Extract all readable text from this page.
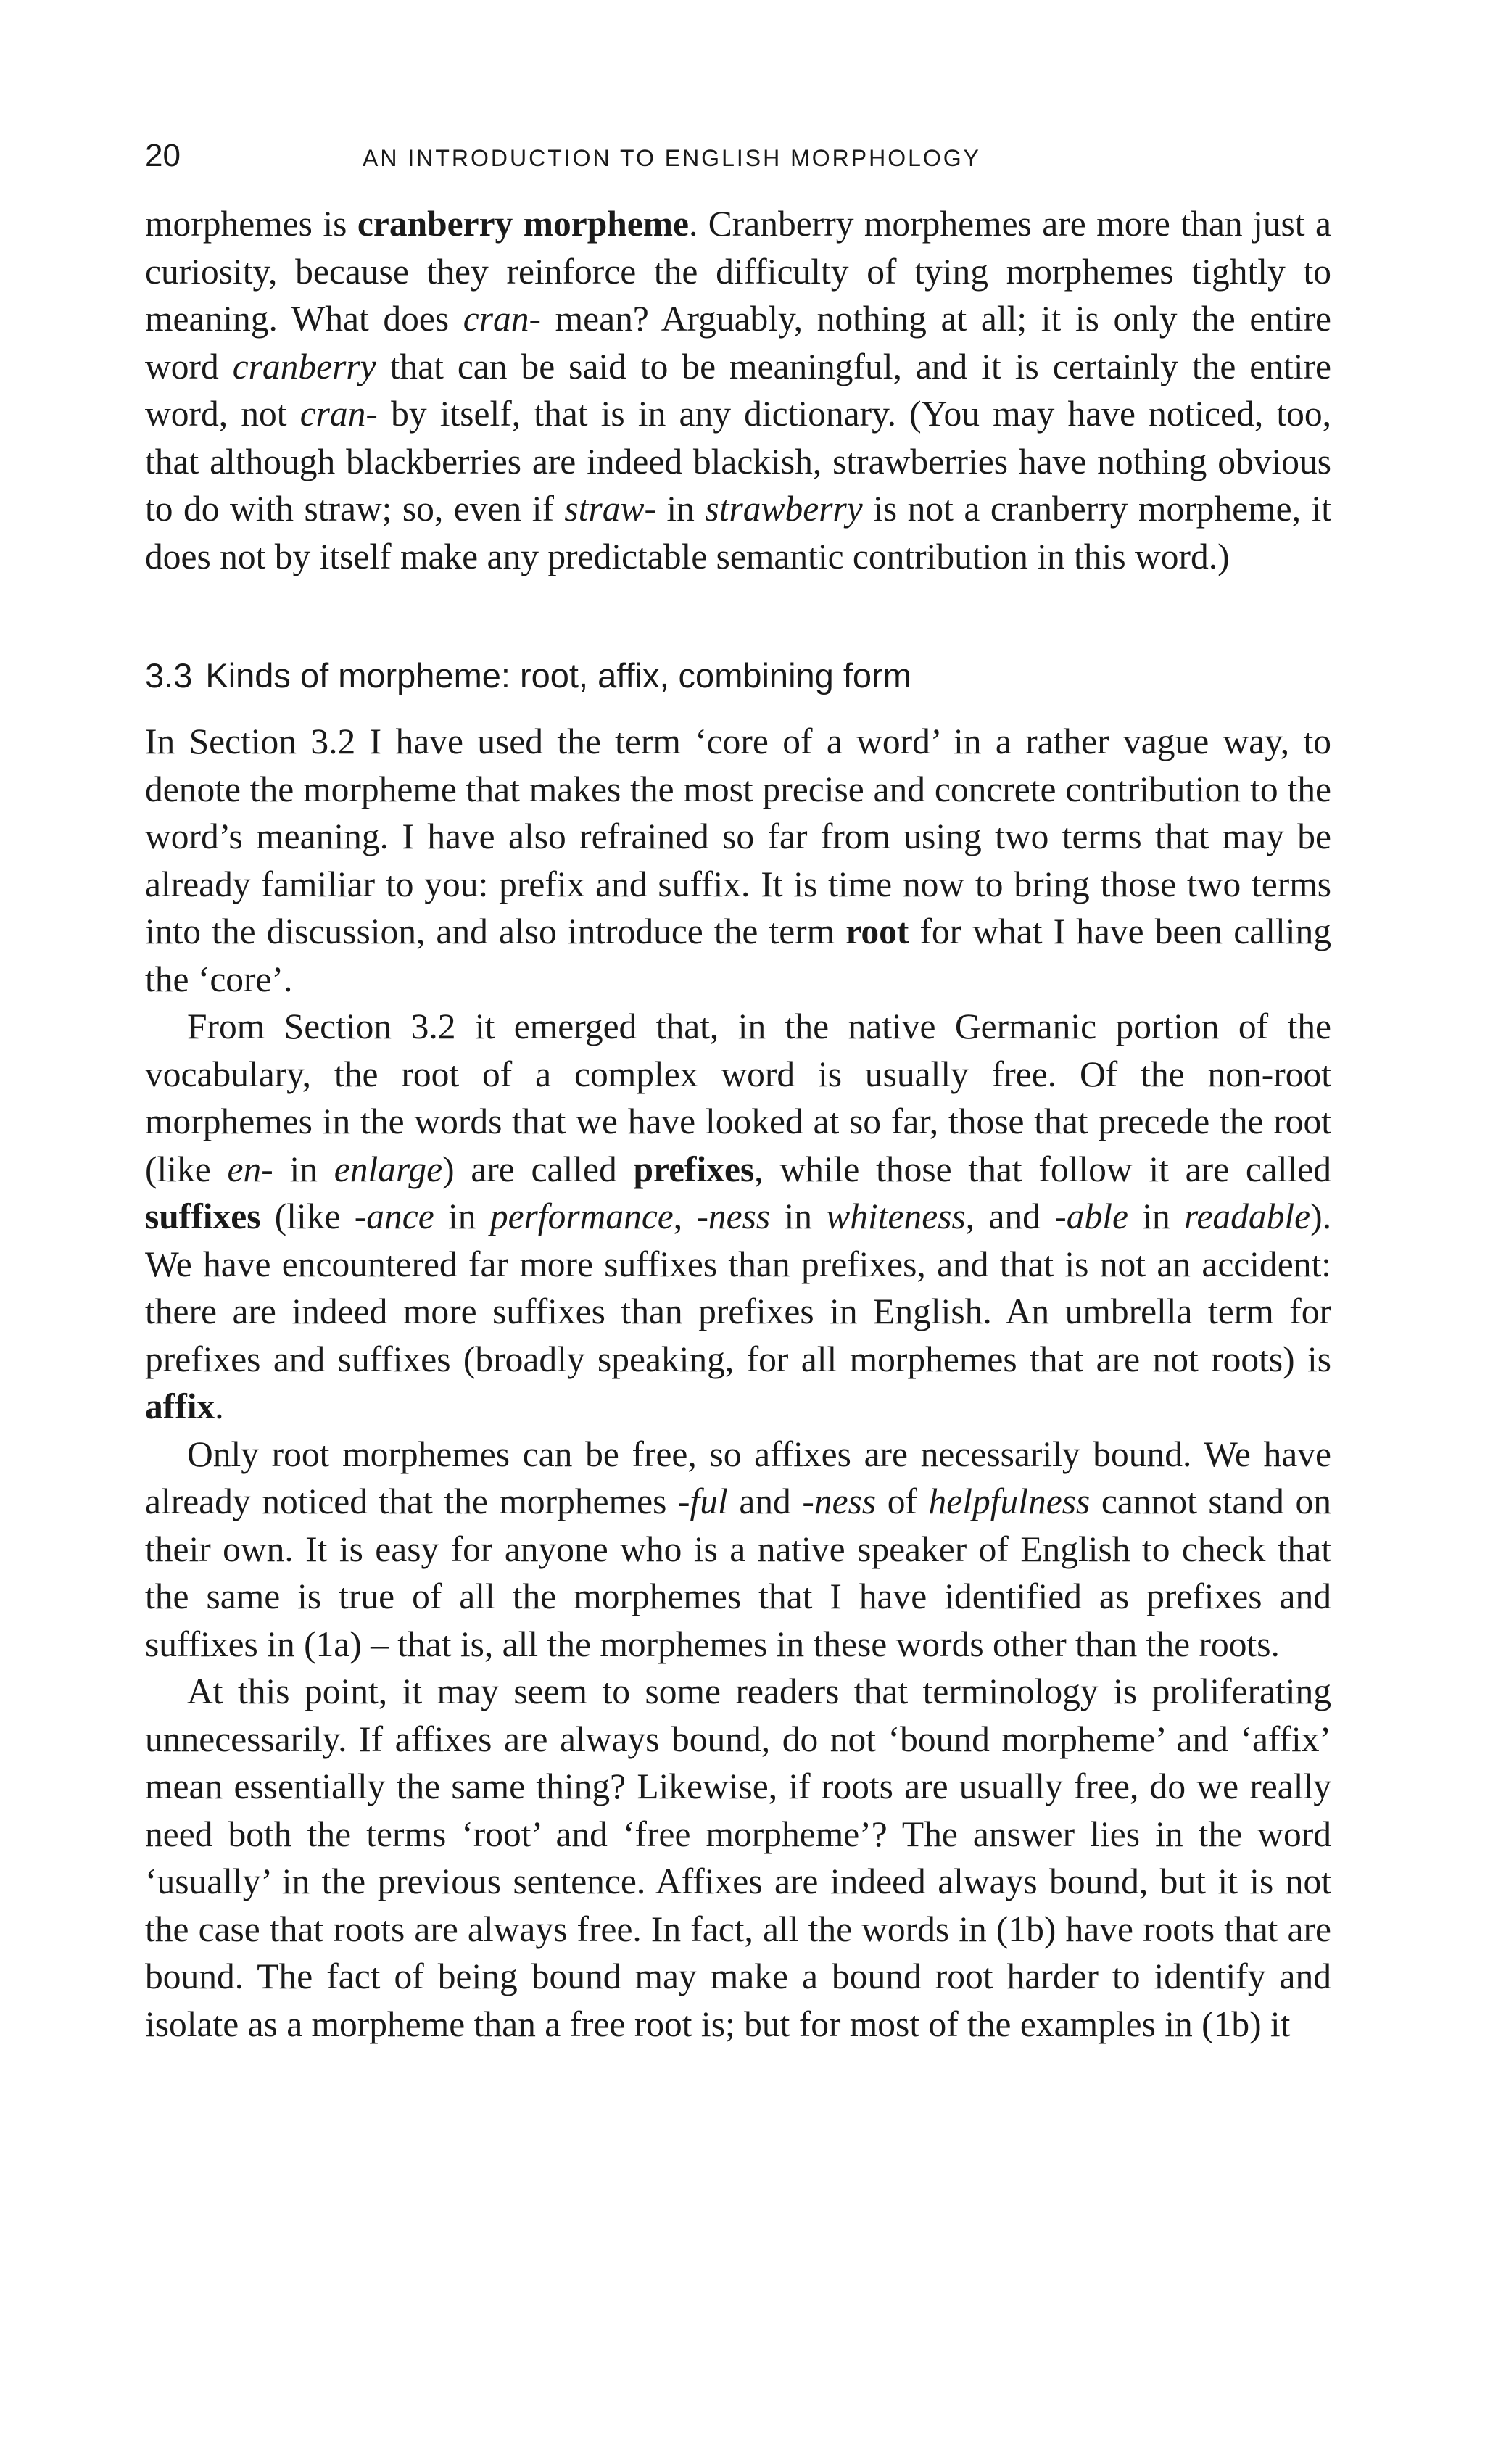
20	AN INTRODUCTION TO ENGLISH MORPHOLOGY

morphemes is cranberry morpheme. Cranberry morphemes are more than just a curiosity, because they reinforce the difficulty of tying morphemes tightly to meaning. What does cran- mean? Arguably, nothing at all; it is only the entire word cranberry that can be said to be meaningful, and it is certainly the entire word, not cran- by itself, that is in any dictionary. (You may have noticed, too, that although blackberries are indeed blackish, strawberries have nothing obvious to do with straw; so, even if straw- in strawberry is not a cranberry morpheme, it does not by itself make any predictable semantic contribution in this word.)

3.3 Kinds of morpheme: root, affix, combining form

In Section 3.2 I have used the term ‘core of a word’ in a rather vague way, to denote the morpheme that makes the most precise and concrete contribution to the word’s meaning. I have also refrained so far from using two terms that may be already familiar to you: prefix and suffix. It is time now to bring those two terms into the discussion, and also introduce the term root for what I have been calling the ‘core’.

From Section 3.2 it emerged that, in the native Germanic portion of the vocabulary, the root of a complex word is usually free. Of the non-root morphemes in the words that we have looked at so far, those that precede the root (like en- in enlarge) are called prefixes, while those that follow it are called suffixes (like -ance in performance, -ness in whiteness, and -able in readable). We have encountered far more suffixes than prefixes, and that is not an accident: there are indeed more suffixes than prefixes in English. An umbrella term for prefixes and suffixes (broadly speaking, for all morphemes that are not roots) is affix.

Only root morphemes can be free, so affixes are necessarily bound. We have already noticed that the morphemes -ful and -ness of helpfulness cannot stand on their own. It is easy for anyone who is a native speaker of English to check that the same is true of all the morphemes that I have identified as prefixes and suffixes in (1a) – that is, all the morphemes in these words other than the roots.

At this point, it may seem to some readers that terminology is proliferating unnecessarily. If affixes are always bound, do not ‘bound morpheme’ and ‘affix’ mean essentially the same thing? Likewise, if roots are usually free, do we really need both the terms ‘root’ and ‘free morpheme’? The answer lies in the word ‘usually’ in the previous sentence. Affixes are indeed always bound, but it is not the case that roots are always free. In fact, all the words in (1b) have roots that are bound. The fact of being bound may make a bound root harder to identify and isolate as a morpheme than a free root is; but for most of the examples in (1b) it
